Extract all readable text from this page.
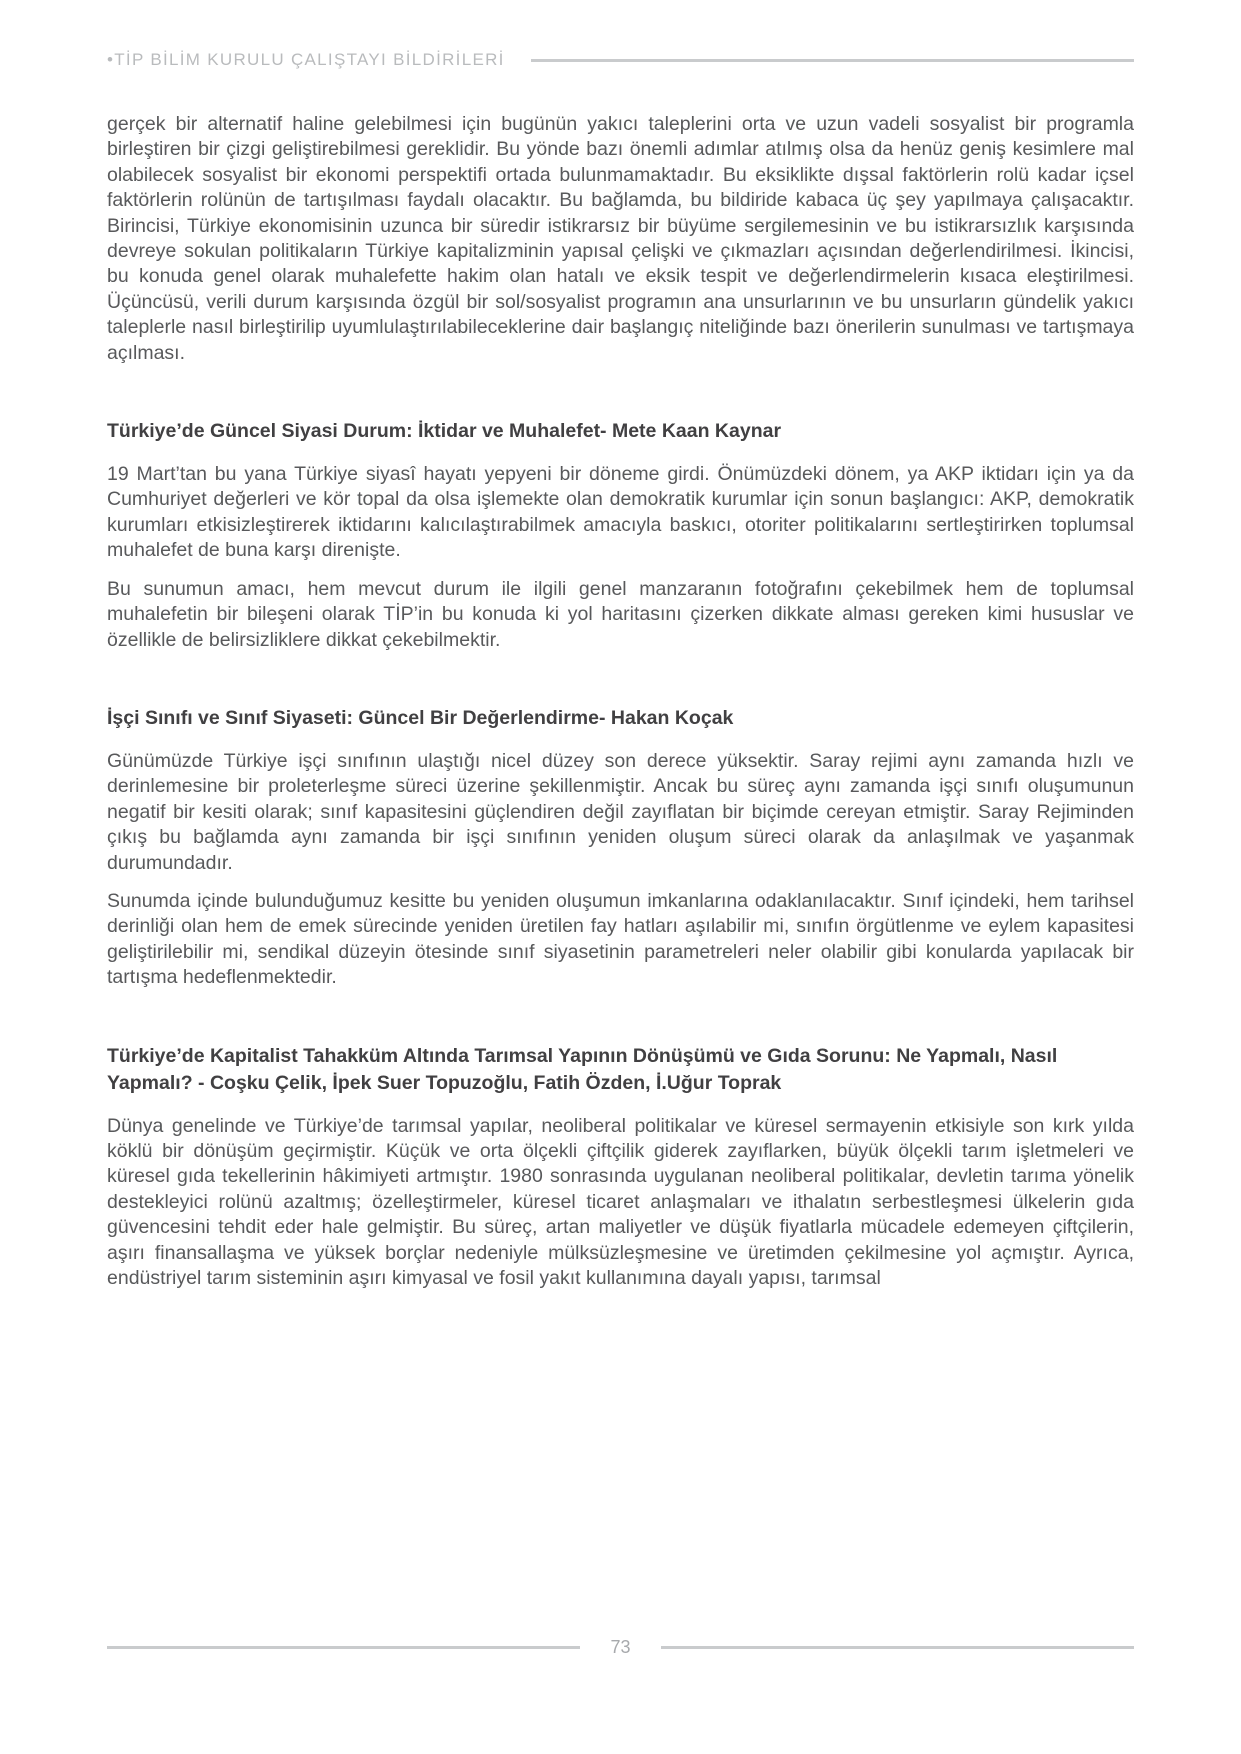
•TİP BİLİM KURULU ÇALIŞTAYI BİLDİRİLERİ

gerçek bir alternatif haline gelebilmesi için bugünün yakıcı taleplerini orta ve uzun vadeli sosyalist bir programla birleştiren bir çizgi geliştirebilmesi gereklidir. Bu yönde bazı önemli adımlar atılmış olsa da henüz geniş kesimlere mal olabilecek sosyalist bir ekonomi perspektifi ortada bulunmamaktadır. Bu eksiklikte dışsal faktörlerin rolü kadar içsel faktörlerin rolünün de tartışılması faydalı olacaktır. Bu bağlamda, bu bildiride kabaca üç şey yapılmaya çalışacaktır. Birincisi, Türkiye ekonomisinin uzunca bir süredir istikrarsız bir büyüme sergilemesinin ve bu istikrarsızlık karşısında devreye sokulan politikaların Türkiye kapitalizminin yapısal çelişki ve çıkmazları açısından değerlendirilmesi. İkincisi, bu konuda genel olarak muhalefette hakim olan hatalı ve eksik tespit ve değerlendirmelerin kısaca eleştirilmesi. Üçüncüsü, verili durum karşısında özgül bir sol/sosyalist programın ana unsurlarının ve bu unsurların gündelik yakıcı taleplerle nasıl birleştirilip uyumlulaştırılabileceklerine dair başlangıç niteliğinde bazı önerilerin sunulması ve tartışmaya açılması.

Türkiye’de Güncel Siyasi Durum: İktidar ve Muhalefet- Mete Kaan Kaynar

19 Mart’tan bu yana Türkiye siyasî hayatı yepyeni bir döneme girdi. Önümüzdeki dönem, ya AKP iktidarı için ya da Cumhuriyet değerleri ve kör topal da olsa işlemekte olan demokratik kurumlar için sonun başlangıcı: AKP, demokratik kurumları etkisizleştirerek iktidarını kalıcılaştırabilmek amacıyla baskıcı, otoriter politikalarını sertleştirirken toplumsal muhalefet de buna karşı direnişte.

Bu sunumun amacı, hem mevcut durum ile ilgili genel manzaranın fotoğrafını çekebilmek hem de toplumsal muhalefetin bir bileşeni olarak TİP’in bu konuda ki yol haritasını çizerken dikkate alması gereken kimi hususlar ve özellikle de belirsizliklere dikkat çekebilmektir.

İşçi Sınıfı ve Sınıf Siyaseti: Güncel Bir Değerlendirme- Hakan Koçak

Günümüzde Türkiye işçi sınıfının ulaştığı nicel düzey son derece yüksektir. Saray rejimi aynı zamanda hızlı ve derinlemesine bir proleterleşme süreci üzerine şekillenmiştir. Ancak bu süreç aynı zamanda işçi sınıfı oluşumunun negatif bir kesiti olarak; sınıf kapasitesini güçlendiren değil zayıflatan bir biçimde cereyan etmiştir. Saray Rejiminden çıkış bu bağlamda aynı zamanda bir işçi sınıfının yeniden oluşum süreci olarak da anlaşılmak ve yaşanmak durumundadır.

Sunumda içinde bulunduğumuz kesitte bu yeniden oluşumun imkanlarına odaklanılacaktır. Sınıf içindeki, hem tarihsel derinliği olan hem de emek sürecinde yeniden üretilen fay hatları aşılabilir mi, sınıfın örgütlenme ve eylem kapasitesi geliştirilebilir mi, sendikal düzeyin ötesinde sınıf siyasetinin parametreleri neler olabilir gibi konularda yapılacak bir tartışma hedeflenmektedir.

Türkiye’de Kapitalist Tahakküm Altında Tarımsal Yapının Dönüşümü ve Gıda Sorunu: Ne Yapmalı, Nasıl Yapmalı? - Coşku Çelik, İpek Suer Topuzoğlu, Fatih Özden, İ.Uğur Toprak

Dünya genelinde ve Türkiye’de tarımsal yapılar, neoliberal politikalar ve küresel sermayenin etkisiyle son kırk yılda köklü bir dönüşüm geçirmiştir. Küçük ve orta ölçekli çiftçilik giderek zayıflarken, büyük ölçekli tarım işletmeleri ve küresel gıda tekellerinin hâkimiyeti artmıştır. 1980 sonrasında uygulanan neoliberal politikalar, devletin tarıma yönelik destekleyici rolünü azaltmış; özelleştirmeler, küresel ticaret anlaşmaları ve ithalatın serbestleşmesi ülkelerin gıda güvencesini tehdit eder hale gelmiştir. Bu süreç, artan maliyetler ve düşük fiyatlarla mücadele edemeyen çiftçilerin, aşırı finansallaşma ve yüksek borçlar nedeniyle mülksüzleşmesine ve üretimden çekilmesine yol açmıştır. Ayrıca, endüstriyel tarım sisteminin aşırı kimyasal ve fosil yakıt kullanımına dayalı yapısı, tarımsal

73
